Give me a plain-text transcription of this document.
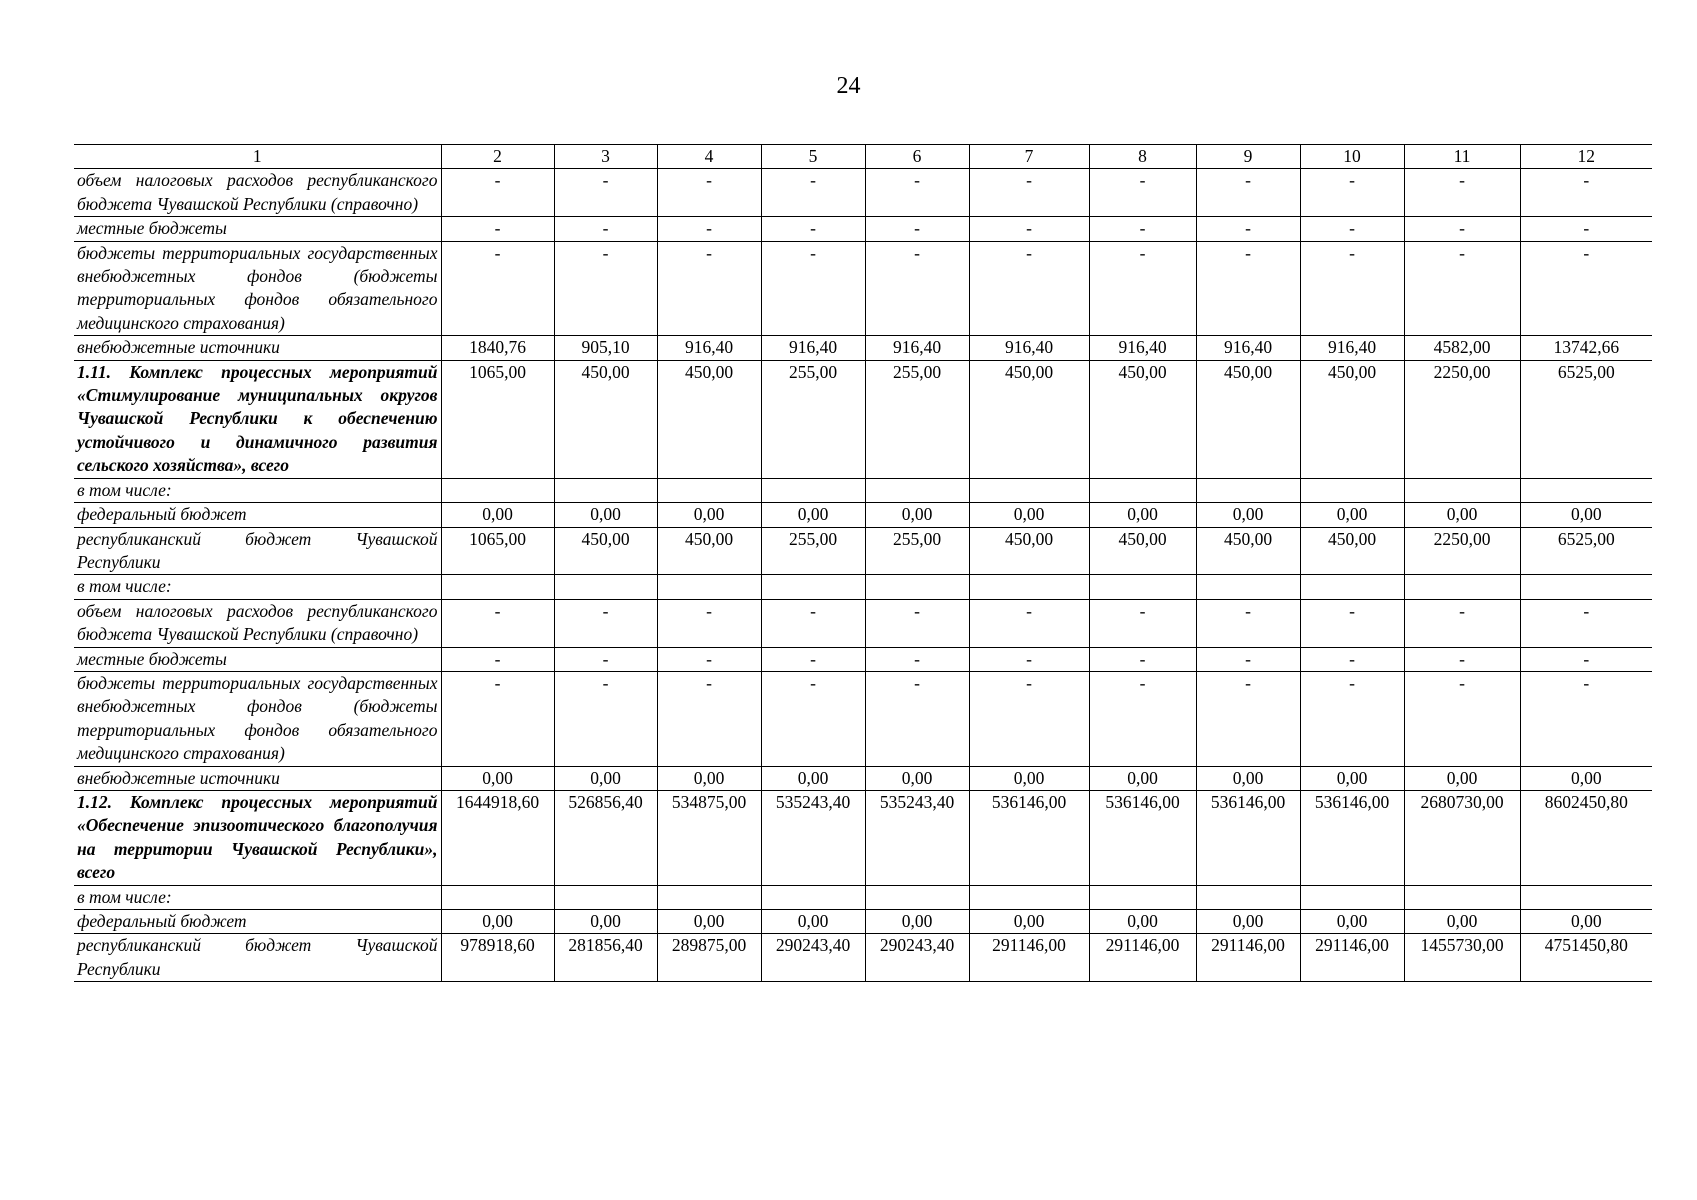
24
1	2	3	4	5	6	7	8	9	10	11	12
объем налоговых расходов республиканского бюджета Чувашской Республики (справочно)	-	-	-	-	-	-	-	-	-	-	-
местные бюджеты	-	-	-	-	-	-	-	-	-	-	-
бюджеты территориальных государственных внебюджетных фондов (бюджеты территориальных фондов обязательного медицинского страхования)	-	-	-	-	-	-	-	-	-	-	-
внебюджетные источники	1840,76	905,10	916,40	916,40	916,40	916,40	916,40	916,40	916,40	4582,00	13742,66
1.11. Комплекс процессных мероприятий «Стимулирование муниципальных округов Чувашской Республики к обеспечению устойчивого и динамичного развития сельского хозяйства», всего	1065,00	450,00	450,00	255,00	255,00	450,00	450,00	450,00	450,00	2250,00	6525,00
в том числе:											
федеральный бюджет	0,00	0,00	0,00	0,00	0,00	0,00	0,00	0,00	0,00	0,00	0,00
республиканский бюджет Чувашской Республики	1065,00	450,00	450,00	255,00	255,00	450,00	450,00	450,00	450,00	2250,00	6525,00
в том числе:											
объем налоговых расходов республиканского бюджета Чувашской Республики (справочно)	-	-	-	-	-	-	-	-	-	-	-
местные бюджеты	-	-	-	-	-	-	-	-	-	-	-
бюджеты территориальных государственных внебюджетных фондов (бюджеты территориальных фондов обязательного медицинского страхования)	-	-	-	-	-	-	-	-	-	-	-
внебюджетные источники	0,00	0,00	0,00	0,00	0,00	0,00	0,00	0,00	0,00	0,00	0,00
1.12. Комплекс процессных мероприятий «Обеспечение эпизоотического благополучия на территории Чувашской Республики», всего	1644918,60	526856,40	534875,00	535243,40	535243,40	536146,00	536146,00	536146,00	536146,00	2680730,00	8602450,80
в том числе:											
федеральный бюджет	0,00	0,00	0,00	0,00	0,00	0,00	0,00	0,00	0,00	0,00	0,00
республиканский бюджет Чувашской Республики	978918,60	281856,40	289875,00	290243,40	290243,40	291146,00	291146,00	291146,00	291146,00	1455730,00	4751450,80
